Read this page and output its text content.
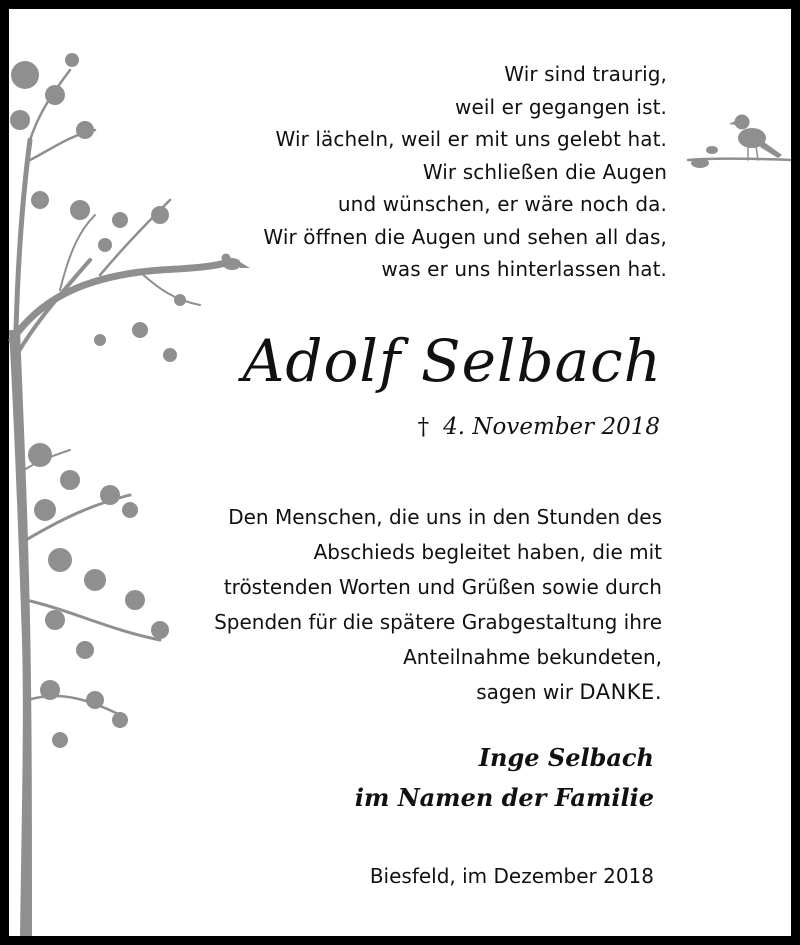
Wir sind traurig,
weil er gegangen ist.
Wir lächeln, weil er mit uns gelebt hat.
Wir schließen die Augen
und wünschen, er wäre noch da.
Wir öffnen die Augen und sehen all das,
was er uns hinterlassen hat.
Adolf Selbach
† 4. November 2018
Den Menschen, die uns in den Stunden des
Abschieds begleitet haben, die mit
tröstenden Worten und Grüßen sowie durch
Spenden für die spätere Grabgestaltung ihre
Anteilnahme bekundeten,
sagen wir DANKE.
Inge Selbach
im Namen der Familie
Biesfeld, im Dezember 2018
